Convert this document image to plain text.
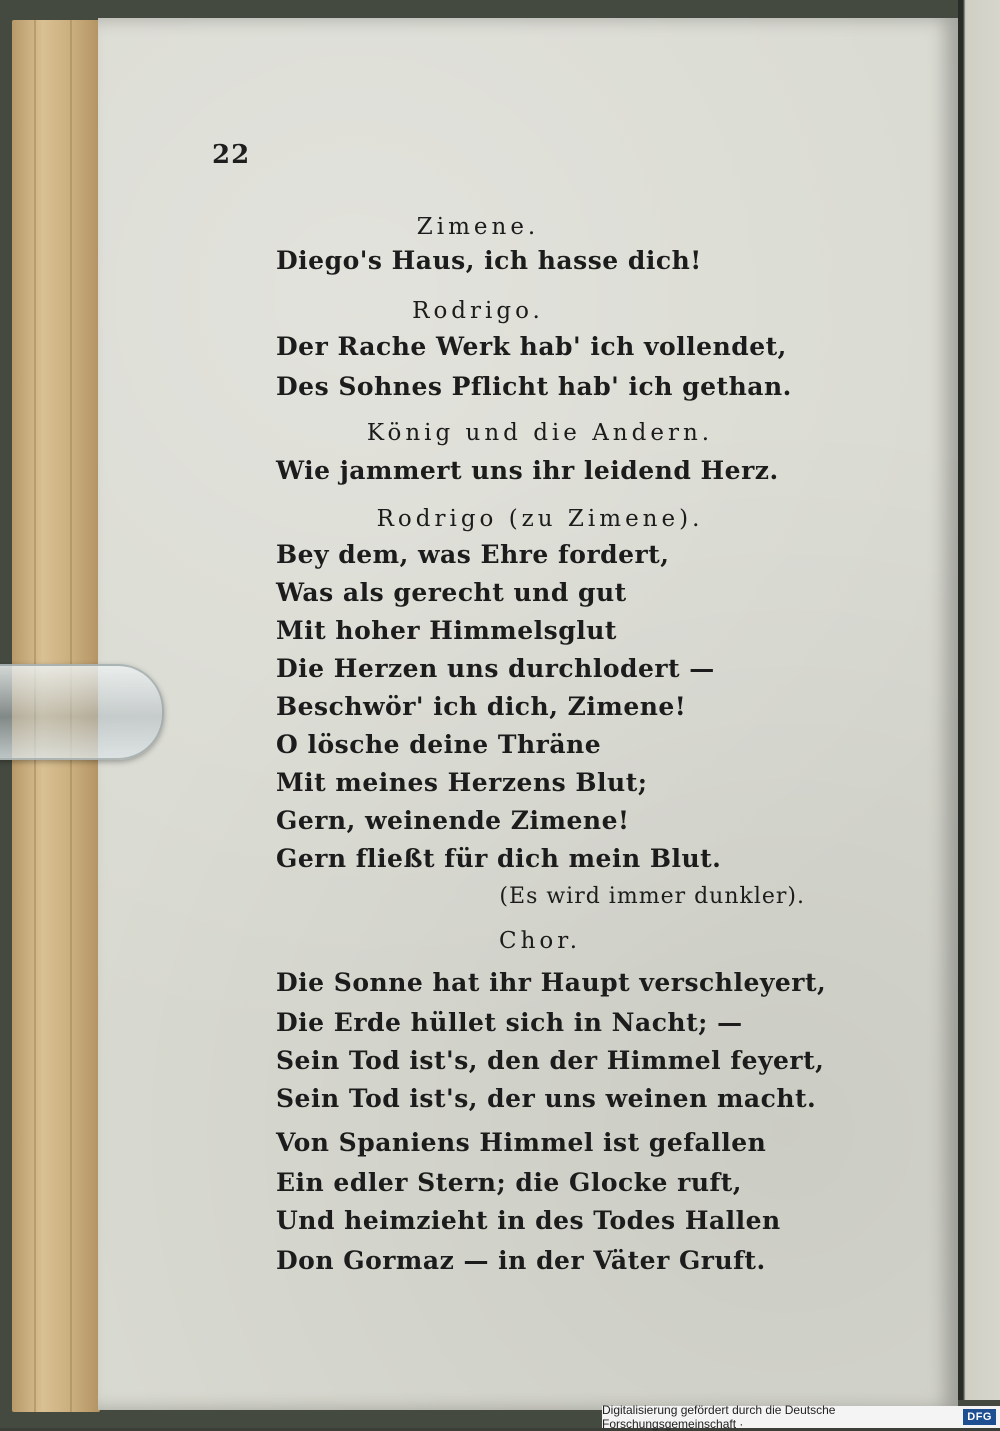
22
Zimene.
Diego's Haus, ich hasse dich!
Rodrigo.
Der Rache Werk hab' ich vollendet,
Des Sohnes Pflicht hab' ich gethan.
König und die Andern.
Wie jammert uns ihr leidend Herz.
Rodrigo (zu Zimene).
Bey dem, was Ehre fordert,
Was als gerecht und gut
Mit hoher Himmelsglut
Die Herzen uns durchlodert —
Beschwör' ich dich, Zimene!
O lösche deine Thräne
Mit meines Herzens Blut;
Gern, weinende Zimene!
Gern fließt für dich mein Blut.
(Es wird immer dunkler).
Chor.
Die Sonne hat ihr Haupt verschleyert,
Die Erde hüllet sich in Nacht; —
Sein Tod ist's, den der Himmel feyert,
Sein Tod ist's, der uns weinen macht.
Von Spaniens Himmel ist gefallen
Ein edler Stern; die Glocke ruft,
Und heimzieht in des Todes Hallen
Don Gormaz — in der Väter Gruft.
Digitalisierung gefördert durch die Deutsche Forschungsgemeinschaft ·	DFG
